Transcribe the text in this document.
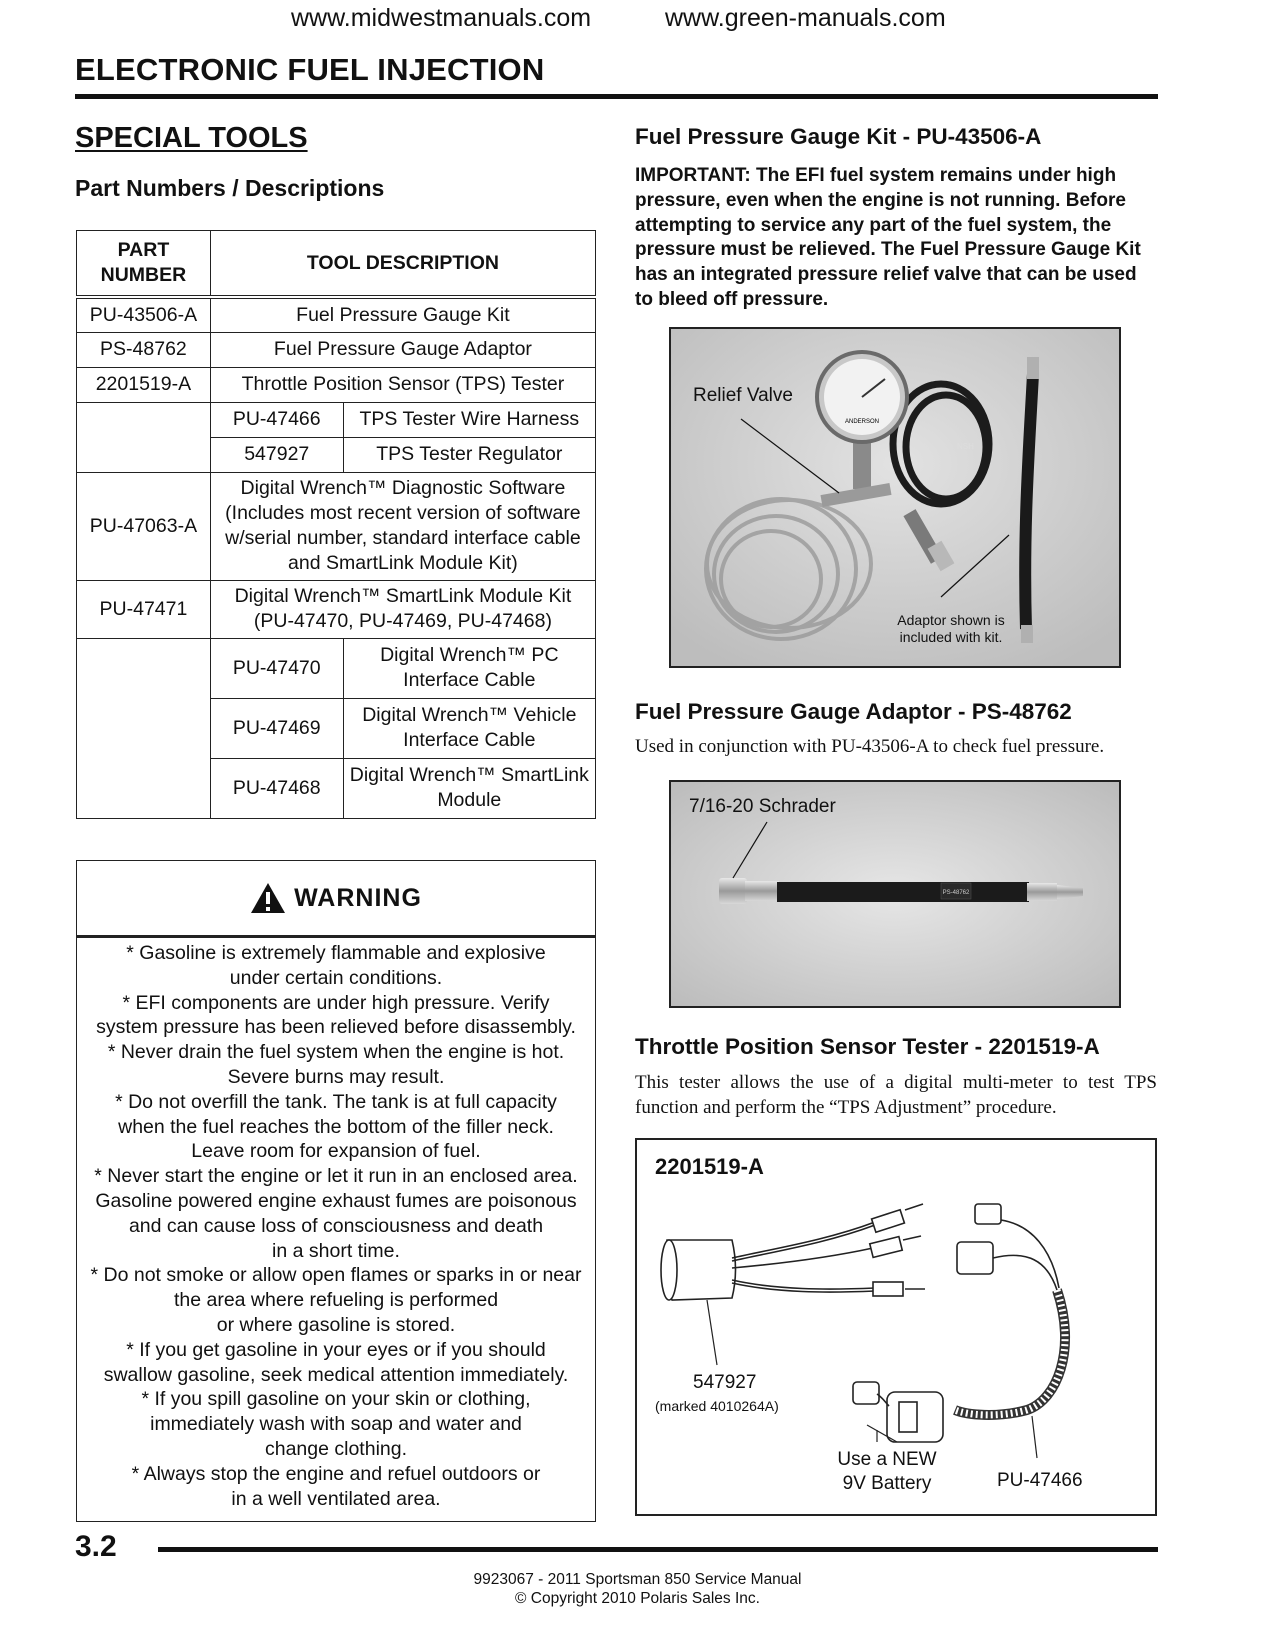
www.midwestmanuals.com	www.green-manuals.com
ELECTRONIC FUEL INJECTION
SPECIAL TOOLS
Part Numbers / Descriptions
PART NUMBER	TOOL DESCRIPTION	
PU-43506-A	Fuel Pressure Gauge Kit	
PS-48762	Fuel Pressure Gauge Adaptor	
2201519-A	Throttle Position Sensor (TPS) Tester	
	PU-47466	TPS Tester Wire Harness
	547927	TPS Tester Regulator
PU-47063-A	Digital Wrench™ Diagnostic Software (Includes most recent version of software w/serial number, standard interface cable and SmartLink Module Kit)	
PU-47471	Digital Wrench™ SmartLink Module Kit (PU-47470, PU-47469, PU-47468)	
	PU-47470	Digital Wrench™ PC Interface Cable
	PU-47469	Digital Wrench™ Vehicle Interface Cable
	PU-47468	Digital Wrench™ SmartLink Module
WARNING
* Gasoline is extremely flammable and explosive
under certain conditions.
* EFI components are under high pressure. Verify
system pressure has been relieved before disassembly.
* Never drain the fuel system when the engine is hot.
Severe burns may result.
* Do not overfill the tank. The tank is at full capacity
when the fuel reaches the bottom of the filler neck.
Leave room for expansion of fuel.
* Never start the engine or let it run in an enclosed area.
Gasoline powered engine exhaust fumes are poisonous
and can cause loss of consciousness and death
in a short time.
* Do not smoke or allow open flames or sparks in or near
the area where refueling is performed
or where gasoline is stored.
* If you get gasoline in your eyes or if you should
swallow gasoline, seek medical attention immediately.
* If you spill gasoline on your skin or clothing,
immediately wash with soap and water and
change clothing.
* Always stop the engine and refuel outdoors or
in a well ventilated area.
Fuel Pressure Gauge Kit - PU-43506-A
IMPORTANT: The EFI fuel system remains under high pressure, even when the engine is not running. Before attempting to service any part of the fuel system, the pressure must be relieved. The Fuel Pressure Gauge Kit has an integrated pressure relief valve that can be used to bleed off pressure.
ANDERSON
NSH
Relief Valve
Adaptor shown is included with kit.
Fuel Pressure Gauge Adaptor - PS-48762
Used in conjunction with PU-43506-A to check fuel pressure.
PS-48762
7/16-20 Schrader
Throttle Position Sensor Tester - 2201519-A
This tester allows the use of a digital multi-meter to test TPS function and perform the “TPS Adjustment” procedure.
2201519-A
547927
(marked 4010264A)
Use a NEW
9V Battery	PU-47466
3.2
9923067 - 2011 Sportsman 850 Service Manual
© Copyright 2010 Polaris Sales Inc.
